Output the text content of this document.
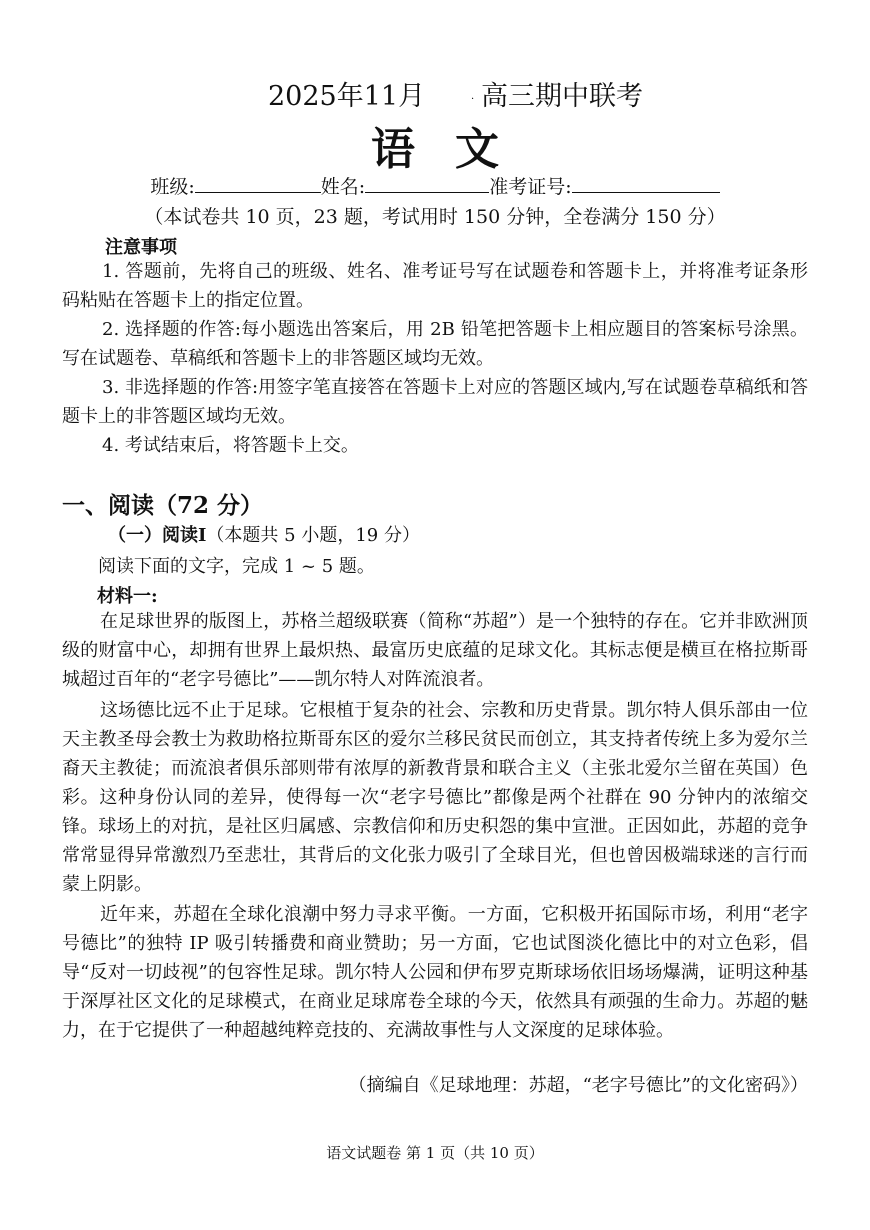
2025年11月	· 高三期中联考
语文
班级:	姓名:	准考证号:
（本试卷共 10 页，23 题，考试用时 150 分钟，全卷满分 150 分）
注意事项
1. 答题前，先将自己的班级、姓名、准考证号写在试题卷和答题卡上，并将准考证条形码粘贴在答题卡上的指定位置。
2. 选择题的作答:每小题选出答案后，用 2B 铅笔把答题卡上相应题目的答案标号涂黑。写在试题卷、草稿纸和答题卡上的非答题区域均无效。
3. 非选择题的作答:用签字笔直接答在答题卡上对应的答题区域内,写在试题卷草稿纸和答题卡上的非答题区域均无效。
4. 考试结束后，将答题卡上交。
一、阅读（72 分）
（一）阅读I（本题共 5 小题，19 分）
阅读下面的文字，完成 1 ~ 5 题。
材料一:
在足球世界的版图上，苏格兰超级联赛（简称“苏超”）是一个独特的存在。它并非欧洲顶级的财富中心，却拥有世界上最炽热、最富历史底蕴的足球文化。其标志便是横亘在格拉斯哥城超过百年的“老字号德比”——凯尔特人对阵流浪者。
这场德比远不止于足球。它根植于复杂的社会、宗教和历史背景。凯尔特人俱乐部由一位天主教圣母会教士为救助格拉斯哥东区的爱尔兰移民贫民而创立，其支持者传统上多为爱尔兰裔天主教徒；而流浪者俱乐部则带有浓厚的新教背景和联合主义（主张北爱尔兰留在英国）色彩。这种身份认同的差异，使得每一次“老字号德比”都像是两个社群在 90 分钟内的浓缩交锋。球场上的对抗，是社区归属感、宗教信仰和历史积怨的集中宣泄。正因如此，苏超的竞争常常显得异常激烈乃至悲壮，其背后的文化张力吸引了全球目光，但也曾因极端球迷的言行而蒙上阴影。
近年来，苏超在全球化浪潮中努力寻求平衡。一方面，它积极开拓国际市场，利用“老字号德比”的独特 IP 吸引转播费和商业赞助；另一方面，它也试图淡化德比中的对立色彩，倡导“反对一切歧视”的包容性足球。凯尔特人公园和伊布罗克斯球场依旧场场爆满，证明这种基于深厚社区文化的足球模式，在商业足球席卷全球的今天，依然具有顽强的生命力。苏超的魅力，在于它提供了一种超越纯粹竞技的、充满故事性与人文深度的足球体验。
（摘编自《足球地理：苏超，“老字号德比”的文化密码》）
语文试题卷 第 1 页（共 10 页）
